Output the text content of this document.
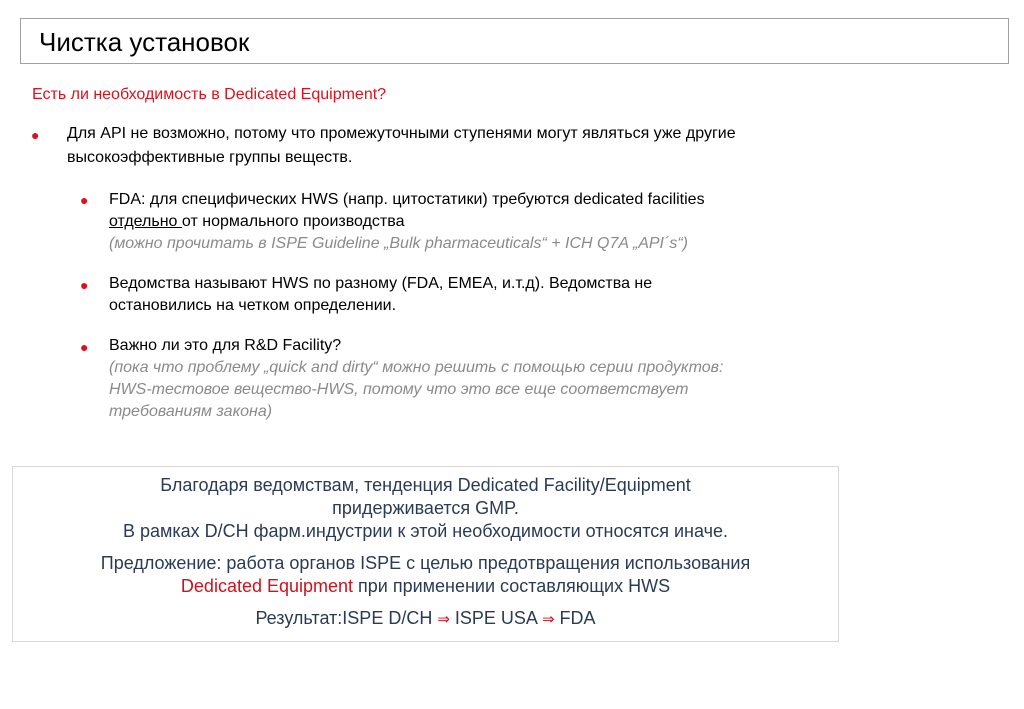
Чистка установок
Есть ли необходимость в Dedicated Equipment?
● Для API не возможно, потому что промежуточными ступенями могут являться уже другие
высокоэффективные группы веществ.
● FDA: для специфических HWS (напр. цитостатики) требуются dedicated facilities
отдельно от нормального производства
(можно прочитать в ISPE Guideline „Bulk pharmaceuticals“ + ICH Q7A „API´s“)
● Ведомства называют HWS по разному (FDA, EMEA, и.т.д). Ведомства не
остановились на четком определении.
● Важно ли это для R&D Facility?
(пока что проблему „quick and dirty“ можно решить с помощью серии продуктов:
HWS-тестовое вещество-HWS, потому что это все еще соответствует
требованиям закона)
Благодаря ведомствам, тенденция Dedicated Facility/Equipment
придерживается GMP.
В рамках D/CH фарм.индустрии к этой необходимости относятся иначе.
Предложение: работа органов ISPE с целью предотвращения использования
Dedicated Equipment при применении составляющих HWS
Результат:ISPE D/CH ⇒ ISPE USA ⇒ FDA
